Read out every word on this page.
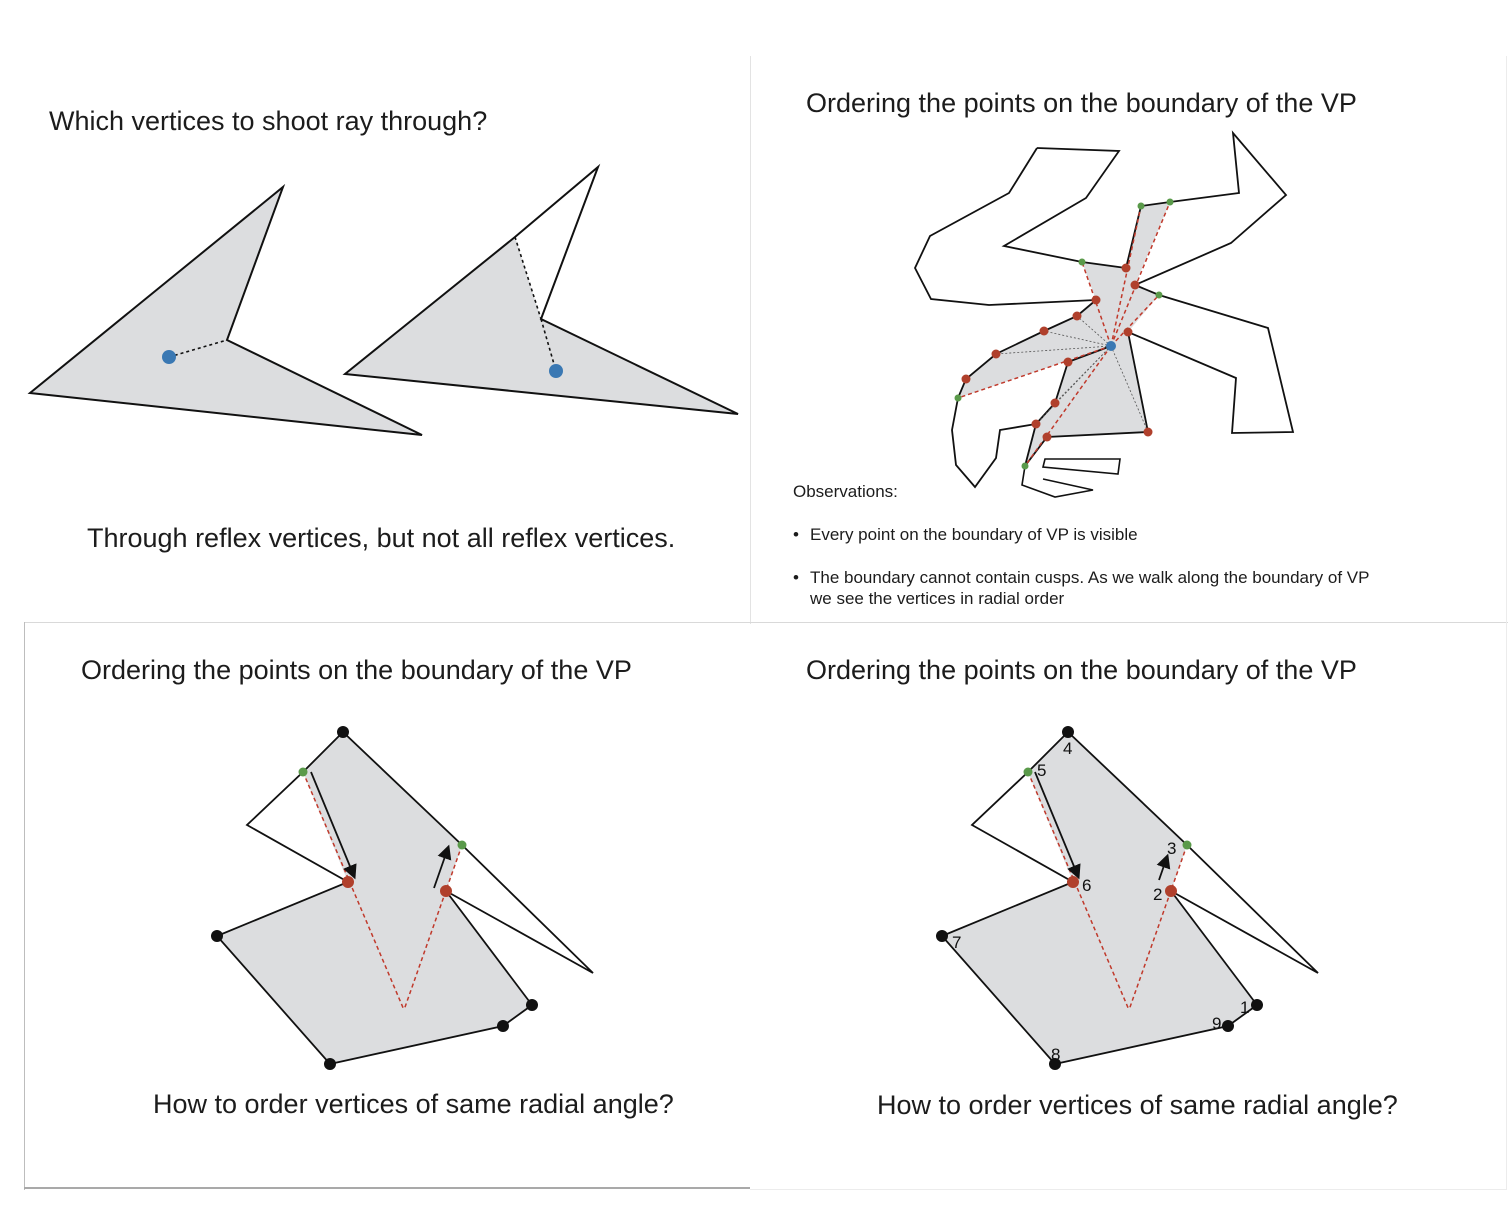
Which vertices to shoot ray through?
Through reflex vertices, but not all reflex vertices.
Ordering the points on the boundary of the VP
Observations:
• Every point on the boundary of VP is visible
• The boundary cannot contain cusps. As we walk along the boundary of VP we see the vertices in radial order
Ordering the points on the boundary of the VP
How to order vertices of same radial angle?
Ordering the points on the boundary of the VP
How to order vertices of same radial angle?
1
2
3
4
5
6
7
8
9
